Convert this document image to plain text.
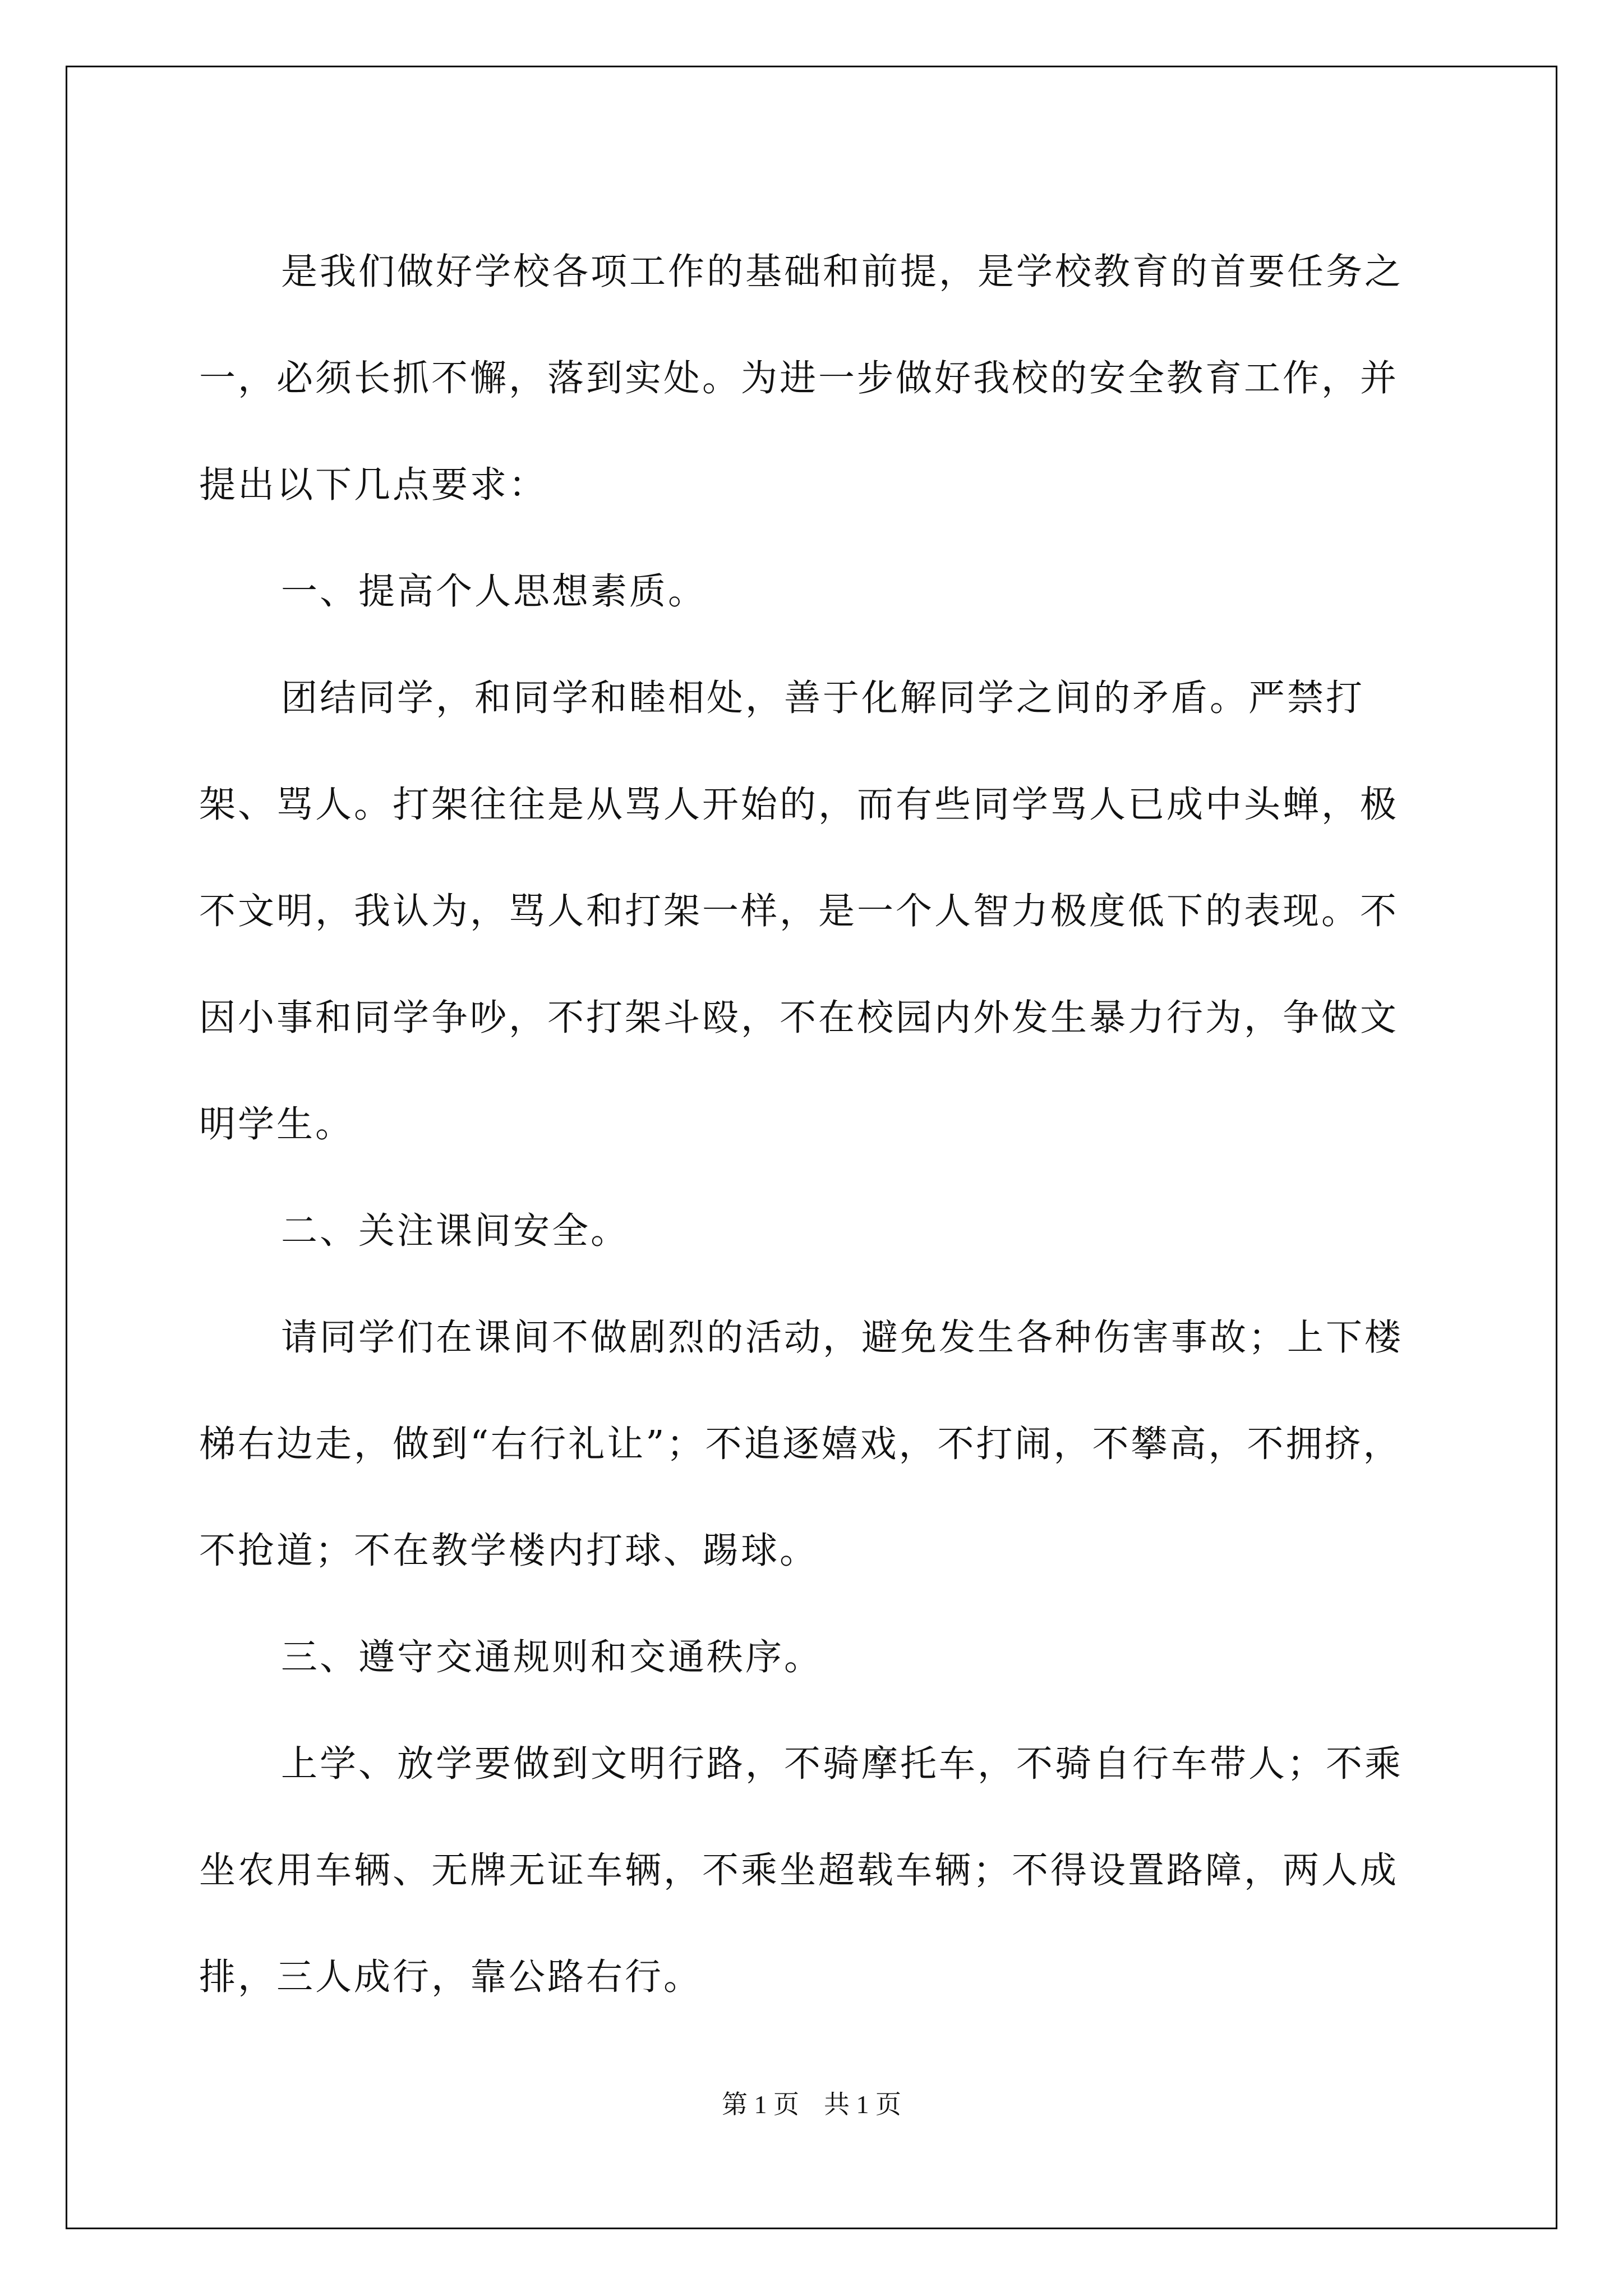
是我们做好学校各项工作的基础和前提，是学校教育的首要任务之一，必须长抓不懈，落到实处。为进一步做好我校的安全教育工作，并提出以下几点要求：

一、提高个人思想素质。

团结同学，和同学和睦相处，善于化解同学之间的矛盾。严禁打架、骂人。打架往往是从骂人开始的，而有些同学骂人已成中头蝉，极不文明，我认为，骂人和打架一样，是一个人智力极度低下的表现。不因小事和同学争吵，不打架斗殴，不在校园内外发生暴力行为，争做文明学生。

二、关注课间安全。

请同学们在课间不做剧烈的活动，避免发生各种伤害事故；上下楼梯右边走，做到“右行礼让”；不追逐嬉戏，不打闹，不攀高，不拥挤，不抢道；不在教学楼内打球、踢球。

三、遵守交通规则和交通秩序。

上学、放学要做到文明行路，不骑摩托车，不骑自行车带人；不乘坐农用车辆、无牌无证车辆，不乘坐超载车辆；不得设置路障，两人成排，三人成行，靠公路右行。

第 1 页 共 1 页
